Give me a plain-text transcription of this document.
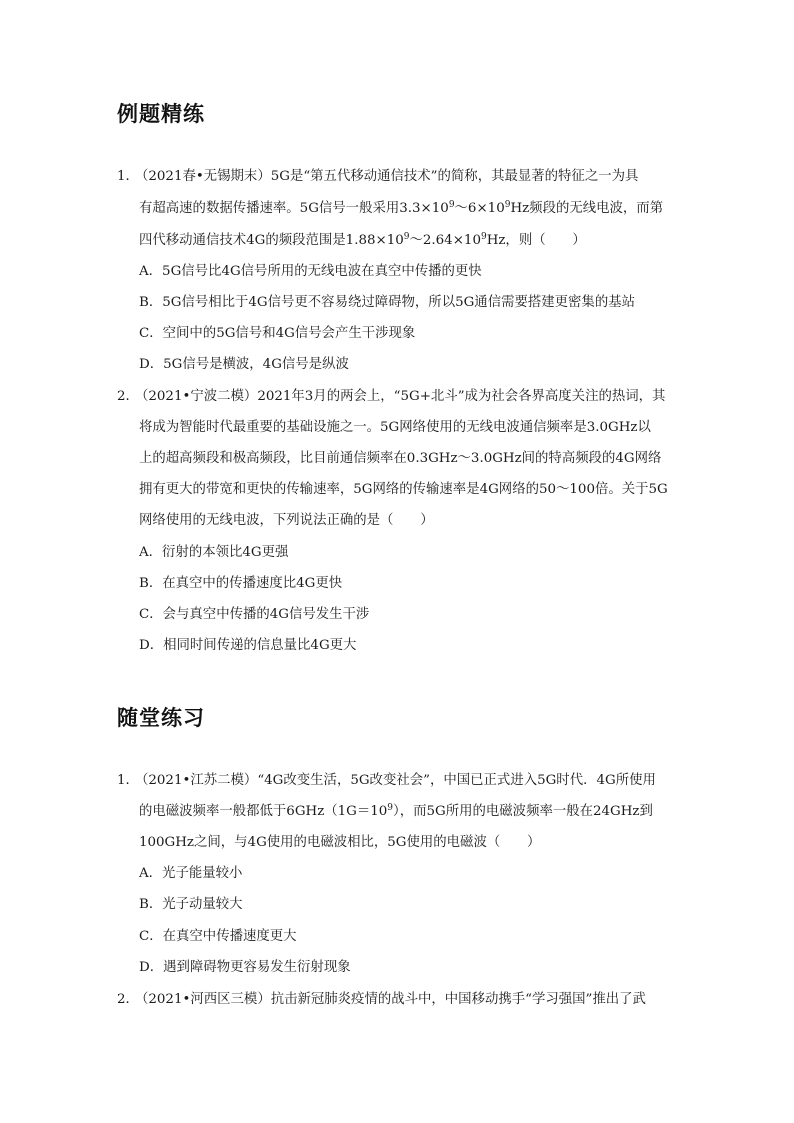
例题精练
1．
（2021春•无锡期末）5G是“第五代移动通信技术”的简称，其最显著的特征之一为具
有超高速的数据传播速率。5G信号一般采用$3.3\times 10^9\sim 6\times 10^9Hz$频段的无线电波，而第
四代移动通信技术4G的频段范围是$1.88\times 10^9\sim 2.64\times 10^9Hz$，则（　　）
A．5G信号比4G信号所用的无线电波在真空中传播的更快
B．5G信号相比于4G信号更不容易绕过障碍物，所以5G通信需要搭建更密集的基站
C．空间中的5G信号和4G信号会产生干涉现象
D．5G信号是横波，4G信号是纵波
2．
（2021•宁波二模）2021年3月的两会上，“5G+北斗”成为社会各界高度关注的热词，其
将成为智能时代最重要的基础设施之一。5G网络使用的无线电波通信频率是3.0GHz以
上的超高频段和极高频段，比目前通信频率在0.3GHz～3.0GHz间的特高频段的4G网络
拥有更大的带宽和更快的传输速率，5G网络的传输速率是4G网络的50～100倍。关于5G
网络使用的无线电波，下列说法正确的是（　　）
A．衍射的本领比4G更强
B．在真空中的传播速度比4G更快
C．会与真空中传播的4G信号发生干涉
D．相同时间传递的信息量比4G更大
随堂练习
1．
（2021•江苏二模）“4G改变生活，5G改变社会”，中国已正式进入5G时代．4G所使用
的电磁波频率一般都低于$6GHz(1G=10^9)$，而5G所用的电磁波频率一般在24GHz到
100GHz之间，与4G使用的电磁波相比，5G使用的电磁波（　　）
A．光子能量较小
B．光子动量较大
C．在真空中传播速度更大
D．遇到障碍物更容易发生衍射现象
2．
（2021•河西区三模）抗击新冠肺炎疫情的战斗中，中国移动携手“学习强国”推出了武
